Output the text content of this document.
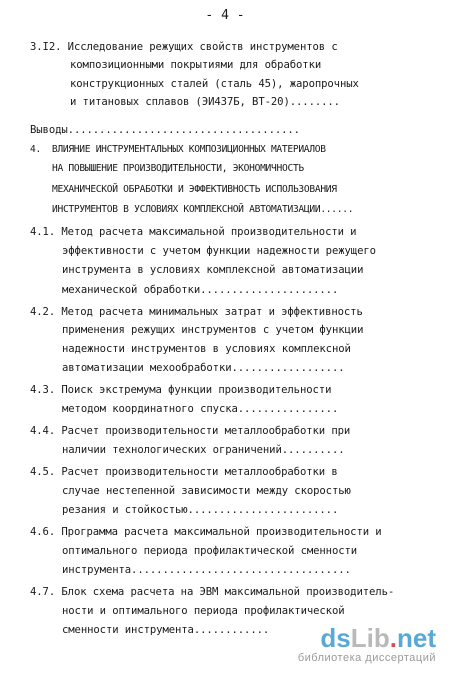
- 4 -
3.I2. Исследование режущих свойств инструментов с
композиционными покрытиями для обработки
конструкционных сталей (сталь 45), жаропрочных
и титановых сплавов (ЭИ437Б, ВТ-20)........
Выводы.....................................
4.  ВЛИЯНИЕ ИНСТРУМЕНТАЛЬНЫХ КОМПОЗИЦИОННЫХ МАТЕРИАЛОВ
НА ПОВЫШЕНИЕ ПРОИЗВОДИТЕЛЬНОСТИ, ЭКОНОМИЧНОСТЬ
МЕХАНИЧЕСКОЙ ОБРАБОТКИ И ЭФФЕКТИВНОСТЬ ИСПОЛЬЗОВАНИЯ
ИНСТРУМЕНТОВ В УСЛОВИЯХ КОМПЛЕКСНОЙ АВТОМАТИЗАЦИИ......
4.1. Метод расчета максимальной производительности и
эффективности с учетом функции надежности режущего
инструмента в условиях комплексной автоматизации
механической обработки......................
4.2. Метод расчета минимальных затрат и эффективность
применения режущих инструментов с учетом функции
надежности инструментов в условиях комплексной
автоматизации мехообработки..................
4.3. Поиск экстремума функции производительности
методом координатного спуска................
4.4. Расчет производительности металлообработки при
наличии технологических ограничений..........
4.5. Расчет производительности металлообработки в
случае нестепенной зависимости между скоростью
резания и стойкостью........................
4.6. Программа расчета максимальной производительности и
оптимального периода профилактической сменности
инструмента...................................
4.7. Блок схема расчета на ЭВМ максимальной производитель-
ности и оптимального периода профилактической
сменности инструмента............	dsLib.net
библиотека диссертаций
